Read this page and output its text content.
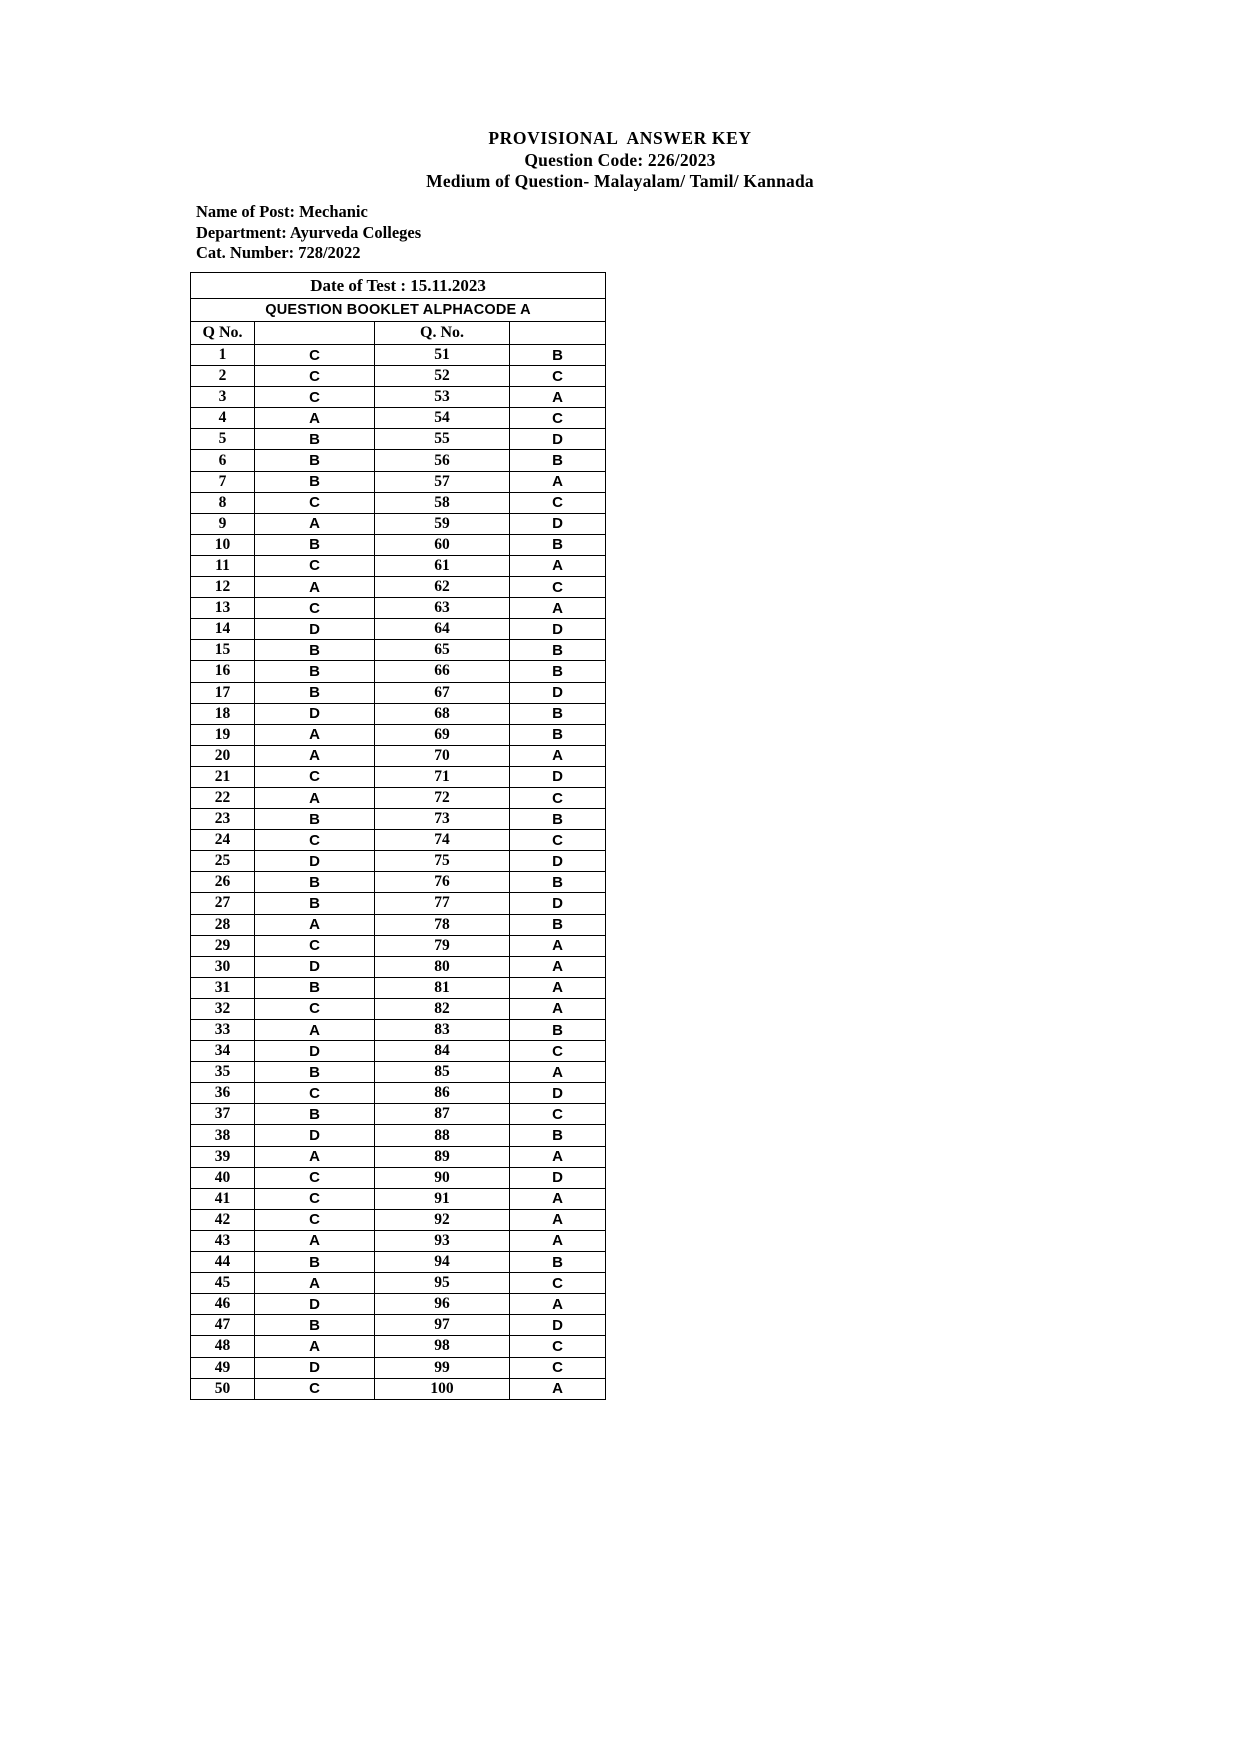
PROVISIONAL  ANSWER KEY
Question Code: 226/2023
Medium of Question- Malayalam/ Tamil/ Kannada
Name of Post: Mechanic
Department: Ayurveda Colleges
Cat. Number: 728/2022
Date of Test : 15.11.2023			
QUESTION BOOKLET ALPHACODE A			
Q No.		Q. No.	
1	C	51	B
2	C	52	C
3	C	53	A
4	A	54	C
5	B	55	D
6	B	56	B
7	B	57	A
8	C	58	C
9	A	59	D
10	B	60	B
11	C	61	A
12	A	62	C
13	C	63	A
14	D	64	D
15	B	65	B
16	B	66	B
17	B	67	D
18	D	68	B
19	A	69	B
20	A	70	A
21	C	71	D
22	A	72	C
23	B	73	B
24	C	74	C
25	D	75	D
26	B	76	B
27	B	77	D
28	A	78	B
29	C	79	A
30	D	80	A
31	B	81	A
32	C	82	A
33	A	83	B
34	D	84	C
35	B	85	A
36	C	86	D
37	B	87	C
38	D	88	B
39	A	89	A
40	C	90	D
41	C	91	A
42	C	92	A
43	A	93	A
44	B	94	B
45	A	95	C
46	D	96	A
47	B	97	D
48	A	98	C
49	D	99	C
50	C	100	A
